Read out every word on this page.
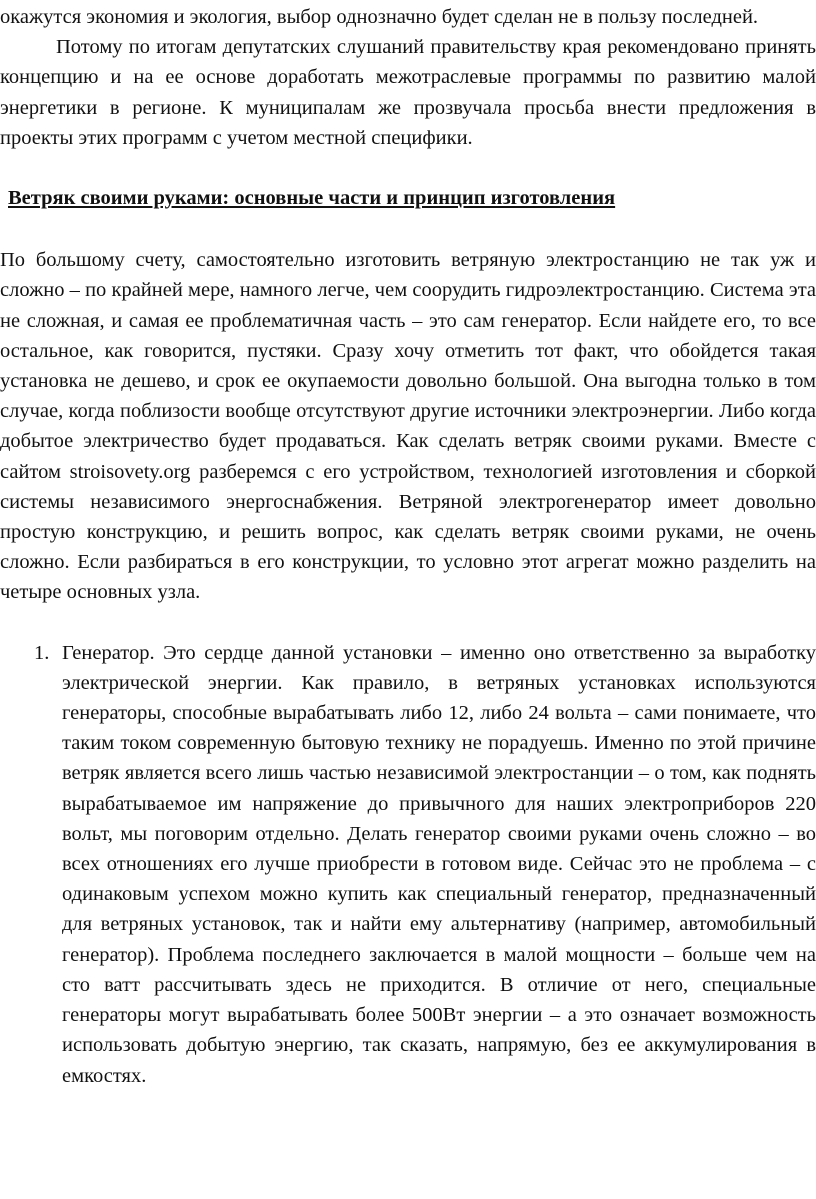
окажутся экономия и экология, выбор однозначно будет сделан не в пользу последней.

Потому по итогам депутатских слушаний правительству края рекомендовано принять концепцию и на ее основе доработать межотраслевые программы по развитию малой энергетики в регионе. К муниципалам же прозвучала просьба внести предложения в проекты этих программ с учетом местной специфики.

Ветряк своими руками: основные части и принцип изготовления

По большому счету, самостоятельно изготовить ветряную электростанцию не так уж и сложно – по крайней мере, намного легче, чем соорудить гидроэлектростанцию. Система эта не сложная, и самая ее проблематичная часть – это сам генератор. Если найдете его, то все остальное, как говорится, пустяки. Сразу хочу отметить тот факт, что обойдется такая установка не дешево, и срок ее окупаемости довольно большой. Она выгодна только в том случае, когда поблизости вообще отсутствуют другие источники электроэнергии. Либо когда добытое электричество будет продаваться. Как сделать ветряк своими руками. Вместе с сайтом stroisovety.org разберемся с его устройством, технологией изготовления и сборкой системы независимого энергоснабжения. Ветряной электрогенератор имеет довольно простую конструкцию, и решить вопрос, как сделать ветряк своими руками, не очень сложно. Если разбираться в его конструкции, то условно этот агрегат можно разделить на четыре основных узла.

1. Генератор. Это сердце данной установки – именно оно ответственно за выработку электрической энергии. Как правило, в ветряных установках используются генераторы, способные вырабатывать либо 12, либо 24 вольта – сами понимаете, что таким током современную бытовую технику не порадуешь. Именно по этой причине ветряк является всего лишь частью независимой электростанции – о том, как поднять вырабатываемое им напряжение до привычного для наших электроприборов 220 вольт, мы поговорим отдельно. Делать генератор своими руками очень сложно – во всех отношениях его лучше приобрести в готовом виде. Сейчас это не проблема – с одинаковым успехом можно купить как специальный генератор, предназначенный для ветряных установок, так и найти ему альтернативу (например, автомобильный генератор). Проблема последнего заключается в малой мощности – больше чем на сто ватт рассчитывать здесь не приходится. В отличие от него, специальные генераторы могут вырабатывать более 500Вт энергии – а это означает возможность использовать добытую энергию, так сказать, напрямую, без ее аккумулирования в емкостях.
